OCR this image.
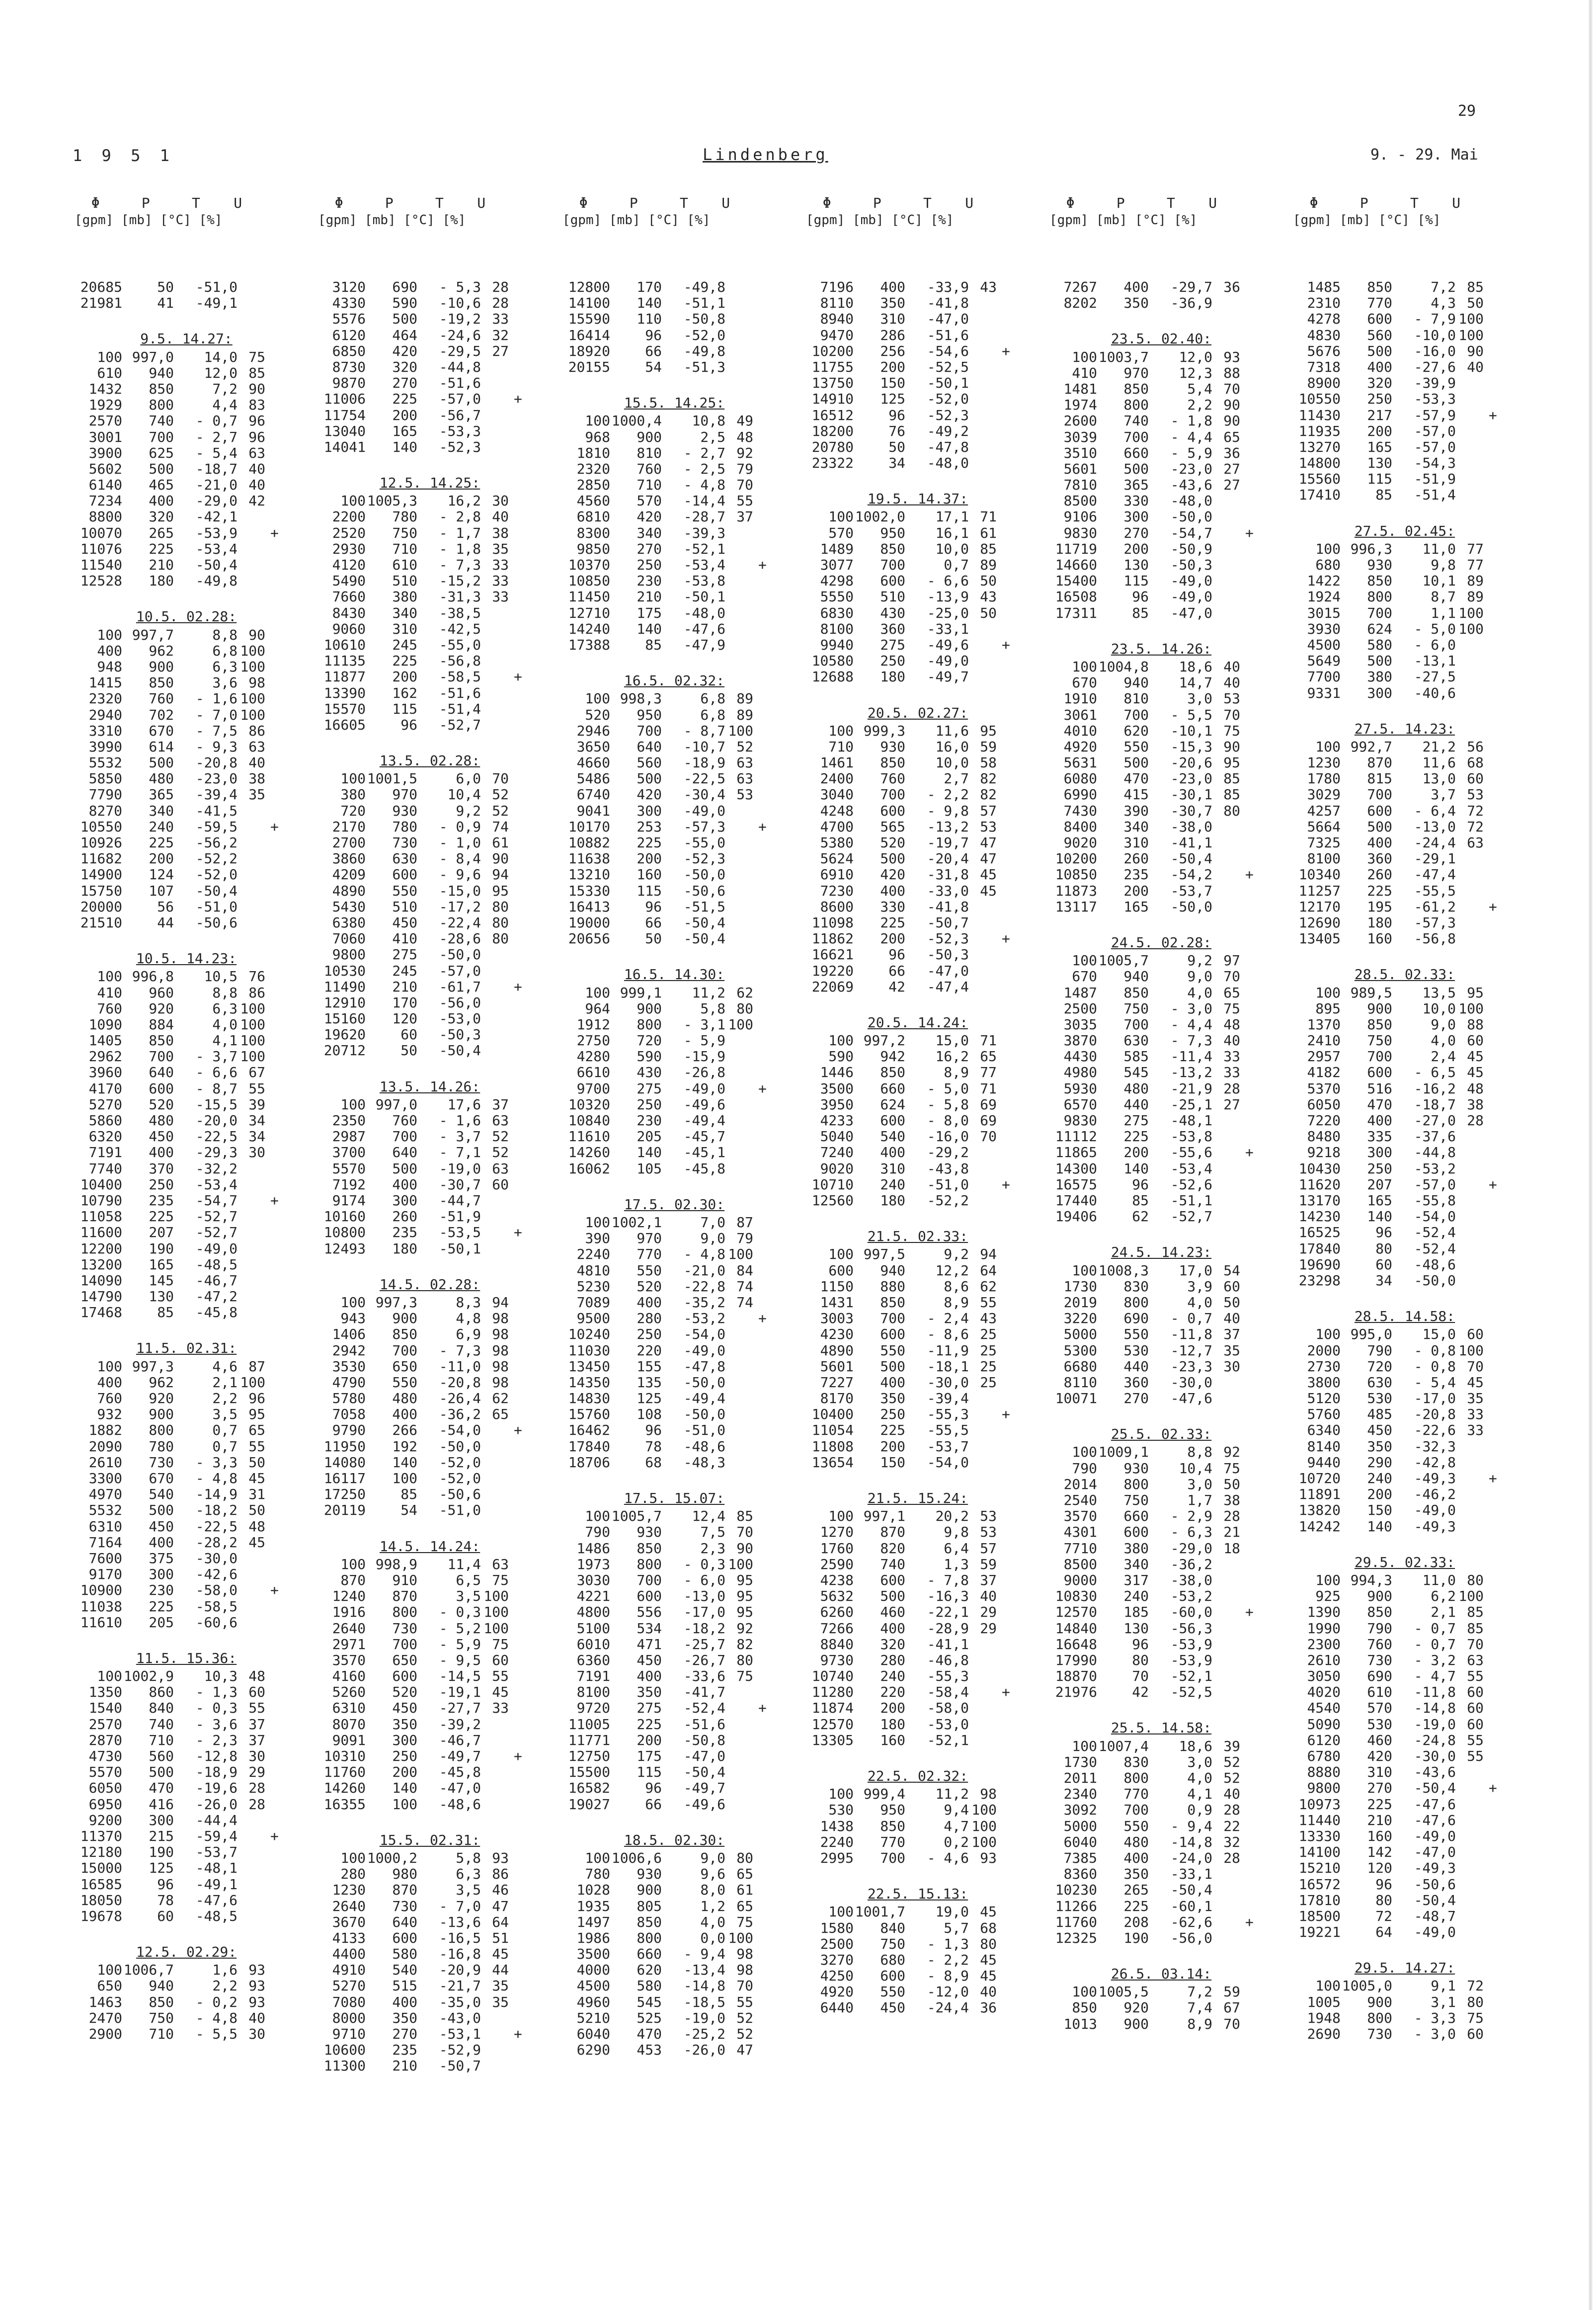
29
1 9 5 1	Lindenberg	9. - 29. Mai
Φ     P     T    U
[gpm] [mb] [°C] [%]
20685	50 -51,0
21981	41 -49,1
9.5. 14.27:
100 997,0 14,0 75
610 940 12,0 85
1432 850	7,2 90
1929 800	4,4 83
2570 740 - 0,7 96
3001 700 - 2,7 96
3900 625 - 5,4 63
5602 500 -18,7 40
6140 465 -21,0 40
7234 400 -29,0 42
8800 320 -42,1
10070 265 -53,9 +
11076 225 -53,4
11540 210 -50,4
12528 180 -49,8
10.5. 02.28:
100 997,7	8,8 90
400 962	6,8 100
948 900	6,3 100
1415 850	3,6 98
2320 760 - 1,6 100
2940 702 - 7,0 100
3310 670 - 7,5 86
3990 614 - 9,3 63
5532 500 -20,8 40
5850 480 -23,0 38
7790 365 -39,4 35
8270 340 -41,5
10550 240 -59,5 +
10926 225 -56,2
11682 200 -52,2
14900 124 -52,0
15750 107 -50,4
20000	56 -51,0
21510	44 -50,6
10.5. 14.23:
100 996,8 10,5 76
410 960	8,8 86
760 920	6,3 100
1090 884	4,0 100
1405 850	4,1 100
2962 700 - 3,7 100
3960 640 - 6,6 67
4170 600 - 8,7 55
5270 520 -15,5 39
5860 480 -20,0 34
6320 450 -22,5 34
7191 400 -29,3 30
7740 370 -32,2
10400 250 -53,4
10790 235 -54,7 +
11058 225 -52,7
11600 207 -52,7
12200 190 -49,0
13200 165 -48,5
14090 145 -46,7
14790 130 -47,2
17468	85 -45,8
11.5. 02.31:
100 997,3	4,6 87
400 962	2,1 100
760 920	2,2 96
932 900	3,5 95
1882 800	0,7 65
2090 780	0,7 55
2610 730 - 3,3 50
3300 670 - 4,8 45
4970 540 -14,9 31
5532 500 -18,2 50
6310 450 -22,5 48
7164 400 -28,2 45
7600 375 -30,0
9170 300 -42,6
10900 230 -58,0 +
11038 225 -58,5
11610 205 -60,6
11.5. 15.36:
100 1002,9 10,3 48
1350 860 - 1,3 60
1540 840 - 0,3 55
2570 740 - 3,6 37
2870 710 - 2,3 37
4730 560 -12,8 30
5570 500 -18,9 29
6050 470 -19,6 28
6950 416 -26,0 28
9200 300 -44,4
11370 215 -59,4 +
12180 190 -53,7
15000 125 -48,1
16585	96 -49,1
18050	78 -47,6
19678	60 -48,5
12.5. 02.29:
100 1006,7	1,6 93
650 940	2,2 93
1463 850 - 0,2 93
2470 750 - 4,8 40
2900 710 - 5,5 30
Φ     P     T    U
[gpm] [mb] [°C] [%]
3120 690 - 5,3 28
4330 590 -10,6 28
5576 500 -19,2 33
6120 464 -24,6 32
6850 420 -29,5 27
8730 320 -44,8
9870 270 -51,6
11006 225 -57,0 +
11754 200 -56,7
13040 165 -53,3
14041 140 -52,3
12.5. 14.25:
100 1005,3 16,2 30
2200 780 - 2,8 40
2520 750 - 1,7 38
2930 710 - 1,8 35
4120 610 - 7,3 33
5490 510 -15,2 33
7660 380 -31,3 33
8430 340 -38,5
9060 310 -42,5
10610 245 -55,0
11135 225 -56,8
11877 200 -58,5 +
13390 162 -51,6
15570 115 -51,4
16605	96 -52,7
13.5. 02.28:
100 1001,5	6,0 70
380 970 10,4 52
720 930	9,2 52
2170 780 - 0,9 74
2700 730 - 1,0 61
3860 630 - 8,4 90
4209 600 - 9,6 94
4890 550 -15,0 95
5430 510 -17,2 80
6380 450 -22,4 80
7060 410 -28,6 80
9800 275 -50,0
10530 245 -57,0
11490 210 -61,7 +
12910 170 -56,0
15160 120 -53,0
19620	60 -50,3
20712	50 -50,4
13.5. 14.26:
100 997,0 17,6 37
2350 760 - 1,6 63
2987 700 - 3,7 52
3700 640 - 7,1 52
5570 500 -19,0 63
7192 400 -30,7 60
9174 300 -44,7
10160 260 -51,9
10800 235 -53,5 +
12493 180 -50,1
14.5. 02.28:
100 997,3	8,3 94
943 900	4,8 98
1406 850	6,9 98
2942 700 - 7,3 98
3530 650 -11,0 98
4790 550 -20,8 98
5780 480 -26,4 62
7058 400 -36,2 65
9790 266 -54,0 +
11950 192 -50,0
14080 140 -52,0
16117 100 -52,0
17250	85 -50,6
20119	54 -51,0
14.5. 14.24:
100 998,9 11,4 63
870 910	6,5 75
1240 870	3,5 100
1916 800 - 0,3 100
2640 730 - 5,2 100
2971 700 - 5,9 75
3570 650 - 9,5 60
4160 600 -14,5 55
5260 520 -19,1 45
6310 450 -27,7 33
8070 350 -39,2
9091 300 -46,7
10310 250 -49,7 +
11760 200 -45,8
14260 140 -47,0
16355 100 -48,6
15.5. 02.31:
100 1000,2	5,8 93
280 980	6,3 86
1230 870	3,5 46
2640 730 - 7,0 47
3670 640 -13,6 64
4133 600 -16,5 51
4400 580 -16,8 45
4910 540 -20,9 44
5270 515 -21,7 35
7080 400 -35,0 35
8000 350 -43,0
9710 270 -53,1 +
10600 235 -52,9
11300 210 -50,7
Φ     P     T    U
[gpm] [mb] [°C] [%]
12800 170 -49,8
14100 140 -51,1
15590 110 -50,8
16414	96 -52,0
18920	66 -49,8
20155	54 -51,3
15.5. 14.25:
100 1000,4 10,8 49
968 900	2,5 48
1810 810 - 2,7 92
2320 760 - 2,5 79
2850 710 - 4,8 70
4560 570 -14,4 55
6810 420 -28,7 37
8300 340 -39,3
9850 270 -52,1
10370 250 -53,4 +
10850 230 -53,8
11450 210 -50,1
12710 175 -48,0
14240 140 -47,6
17388	85 -47,9
16.5. 02.32:
100 998,3	6,8 89
520 950	6,8 89
2946 700 - 8,7 100
3650 640 -10,7 52
4660 560 -18,9 63
5486 500 -22,5 63
6740 420 -30,4 53
9041 300 -49,0
10170 253 -57,3 +
10882 225 -55,0
11638 200 -52,3
13210 160 -50,0
15330 115 -50,6
16413	96 -51,5
19000	66 -50,4
20656	50 -50,4
16.5. 14.30:
100 999,1 11,2 62
964 900	5,8 80
1912 800 - 3,1 100
2750 720 - 5,9
4280 590 -15,9
6610 430 -26,8
9700 275 -49,0 +
10320 250 -49,6
10840 230 -49,4
11610 205 -45,7
14260 140 -45,1
16062 105 -45,8
17.5. 02.30:
100 1002,1	7,0 87
390 970	9,0 79
2240 770 - 4,8 100
4810 550 -21,0 84
5230 520 -22,8 74
7089 400 -35,2 74
9500 280 -53,2 +
10240 250 -54,0
11030 220 -49,0
13450 155 -47,8
14350 135 -50,0
14830 125 -49,4
15760 108 -50,0
16462	96 -51,0
17840	78 -48,6
18706	68 -48,3
17.5. 15.07:
100 1005,7 12,4 85
790 930	7,5 70
1486 850	2,3 90
1973 800 - 0,3 100
3030 700 - 6,0 95
4221 600 -13,0 95
4800 556 -17,0 95
5100 534 -18,2 92
6010 471 -25,7 82
6360 450 -26,7 80
7191 400 -33,6 75
8100 350 -41,7
9720 275 -52,4 +
11005 225 -51,6
11771 200 -50,8
12750 175 -47,0
15500 115 -50,4
16582	96 -49,7
19027	66 -49,6
18.5. 02.30:
100 1006,6	9,0 80
780 930	9,6 65
1028 900	8,0 61
1935 805	1,2 65
1497 850	4,0 75
1986 800	0,0 100
3500 660 - 9,4 98
4000 620 -13,4 98
4500 580 -14,8 70
4960 545 -18,5 55
5210 525 -19,0 52
6040 470 -25,2 52
6290 453 -26,0 47
Φ     P     T    U
[gpm] [mb] [°C] [%]
7196 400 -33,9 43
8110 350 -41,8
8940 310 -47,0
9470 286 -51,6
10200 256 -54,6 +
11755 200 -52,5
13750 150 -50,1
14910 125 -52,0
16512	96 -52,3
18200	76 -49,2
20780	50 -47,8
23322	34 -48,0
19.5. 14.37:
100 1002,0 17,1 71
570 950 16,1 61
1489 850 10,0 85
3077 700	0,7 89
4298 600 - 6,6 50
5550 510 -13,9 43
6830 430 -25,0 50
8100 360 -33,1
9940 275 -49,6 +
10580 250 -49,0
12688 180 -49,7
20.5. 02.27:
100 999,3 11,6 95
710 930 16,0 59
1461 850 10,0 58
2400 760	2,7 82
3040 700 - 2,2 82
4248 600 - 9,8 57
4700 565 -13,2 53
5380 520 -19,7 47
5624 500 -20,4 47
6910 420 -31,8 45
7230 400 -33,0 45
8600 330 -41,8
11098 225 -50,7
11862 200 -52,3 +
16621	96 -50,3
19220	66 -47,0
22069	42 -47,4
20.5. 14.24:
100 997,2 15,0 71
590 942 16,2 65
1446 850	8,9 77
3500 660 - 5,0 71
3950 624 - 5,8 69
4233 600 - 8,0 69
5040 540 -16,0 70
7240 400 -29,2
9020 310 -43,8
10710 240 -51,0 +
12560 180 -52,2
21.5. 02.33:
100 997,5	9,2 94
600 940 12,2 64
1150 880	8,6 62
1431 850	8,9 55
3003 700 - 2,4 43
4230 600 - 8,6 25
4890 550 -11,9 25
5601 500 -18,1 25
7227 400 -30,0 25
8170 350 -39,4
10400 250 -55,3 +
11054 225 -55,5
11808 200 -53,7
13654 150 -54,0
21.5. 15.24:
100 997,1 20,2 53
1270 870	9,8 53
1760 820	6,4 57
2590 740	1,3 59
4238 600 - 7,8 37
5632 500 -16,3 40
6260 460 -22,1 29
7266 400 -28,9 29
8840 320 -41,1
9730 280 -46,8
10740 240 -55,3
11280 220 -58,4 +
11874 200 -58,0
12570 180 -53,0
13305 160 -52,1
22.5. 02.32:
100 999,4 11,2 98
530 950	9,4 100
1438 850	4,7 100
2240 770	0,2 100
2995 700 - 4,6 93
22.5. 15.13:
100 1001,7 19,0 45
1580 840	5,7 68
2500 750 - 1,3 80
3270 680 - 2,2 45
4250 600 - 8,9 45
4920 550 -12,0 40
6440 450 -24,4 36
Φ     P     T    U
[gpm] [mb] [°C] [%]
7267 400 -29,7 36
8202 350 -36,9
23.5. 02.40:
100 1003,7 12,0 93
410 970 12,3 88
1481 850	5,4 70
1974 800	2,2 90
2600 740 - 1,8 90
3039 700 - 4,4 65
3510 660 - 5,9 36
5601 500 -23,0 27
7810 365 -43,6 27
8500 330 -48,0
9106 300 -50,0
9830 270 -54,7 +
11719 200 -50,9
14660 130 -50,3
15400 115 -49,0
16508	96 -49,0
17311	85 -47,0
23.5. 14.26:
100 1004,8 18,6 40
670 940 14,7 40
1910 810	3,0 53
3061 700 - 5,5 70
4010 620 -10,1 75
4920 550 -15,3 90
5631 500 -20,6 95
6080 470 -23,0 85
6990 415 -30,1 85
7430 390 -30,7 80
8400 340 -38,0
9020 310 -41,1
10200 260 -50,4
10850 235 -54,2 +
11873 200 -53,7
13117 165 -50,0
24.5. 02.28:
100 1005,7	9,2 97
670 940	9,0 70
1487 850	4,0 65
2500 750 - 3,0 75
3035 700 - 4,4 48
3870 630 - 7,3 40
4430 585 -11,4 33
4980 545 -13,2 33
5930 480 -21,9 28
6570 440 -25,1 27
9830 275 -48,1
11112 225 -53,8
11865 200 -55,6 +
14300 140 -53,4
16575	96 -52,6
17440	85 -51,1
19406	62 -52,7
24.5. 14.23:
100 1008,3 17,0 54
1730 830	3,9 60
2019 800	4,0 50
3220 690 - 0,7 40
5000 550 -11,8 37
5300 530 -12,7 35
6680 440 -23,3 30
8110 360 -30,0
10071 270 -47,6
25.5. 02.33:
100 1009,1	8,8 92
790 930 10,4 75
2014 800	3,0 50
2540 750	1,7 38
3570 660 - 2,9 28
4301 600 - 6,3 21
7710 380 -29,0 18
8500 340 -36,2
9000 317 -38,0
10830 240 -53,2
12570 185 -60,0 +
14840 130 -56,3
16648	96 -53,9
17990	80 -53,9
18870	70 -52,1
21976	42 -52,5
25.5. 14.58:
100 1007,4 18,6 39
1730 830	3,0 52
2011 800	4,0 52
2340 770	4,1 40
3092 700	0,9 28
5000 550 - 9,4 22
6040 480 -14,8 32
7385 400 -24,0 28
8360 350 -33,1
10230 265 -50,4
11266 225 -60,1
11760 208 -62,6 +
12325 190 -56,0
26.5. 03.14:
100 1005,5	7,2 59
850 920	7,4 67
1013 900	8,9 70
Φ     P     T    U
[gpm] [mb] [°C] [%]
1485 850	7,2 85
2310 770	4,3 50
4278 600 - 7,9 100
4830 560 -10,0 100
5676 500 -16,0 90
7318 400 -27,6 40
8900 320 -39,9
10550 250 -53,3
11430 217 -57,9 +
11935 200 -57,0
13270 165 -57,0
14800 130 -54,3
15560 115 -51,9
17410	85 -51,4
27.5. 02.45:
100 996,3 11,0 77
680 930	9,8 77
1422 850 10,1 89
1924 800	8,7 89
3015 700	1,1 100
3930 624 - 5,0 100
4500 580 - 6,0
5649 500 -13,1
7700 380 -27,5
9331 300 -40,6
27.5. 14.23:
100 992,7 21,2 56
1230 870 11,6 68
1780 815 13,0 60
3029 700	3,7 53
4257 600 - 6,4 72
5664 500 -13,0 72
7325 400 -24,4 63
8100 360 -29,1
10340 260 -47,4
11257 225 -55,5
12170 195 -61,2 +
12690 180 -57,3
13405 160 -56,8
28.5. 02.33:
100 989,5 13,5 95
895 900 10,0 100
1370 850	9,0 88
2410 750	4,0 60
2957 700	2,4 45
4182 600 - 6,5 45
5370 516 -16,2 48
6050 470 -18,7 38
7220 400 -27,0 28
8480 335 -37,6
9218 300 -44,8
10430 250 -53,2
11620 207 -57,0 +
13170 165 -55,8
14230 140 -54,0
16525	96 -52,4
17840	80 -52,4
19690	60 -48,6
23298	34 -50,0
28.5. 14.58:
100 995,0 15,0 60
2000 790 - 0,8 100
2730 720 - 0,8 70
3800 630 - 5,4 45
5120 530 -17,0 35
5760 485 -20,8 33
6340 450 -22,6 33
8140 350 -32,3
9440 290 -42,8
10720 240 -49,3 +
11891 200 -46,2
13820 150 -49,0
14242 140 -49,3
29.5. 02.33:
100 994,3 11,0 80
925 900	6,2 100
1390 850	2,1 85
1990 790 - 0,7 85
2300 760 - 0,7 70
2610 730 - 3,2 63
3050 690 - 4,7 55
4020 610 -11,8 60
4540 570 -14,8 60
5090 530 -19,0 60
6120 460 -24,8 55
6780 420 -30,0 55
8880 310 -43,6
9800 270 -50,4 +
10973 225 -47,6
11440 210 -47,6
13330 160 -49,0
14100 142 -47,0
15210 120 -49,3
16572	96 -50,6
17810	80 -50,4
18500	72 -48,7
19221	64 -49,0
29.5. 14.27:
100 1005,0	9,1 72
1005 900	3,1 80
1948 800 - 3,3 75
2690 730 - 3,0 60
